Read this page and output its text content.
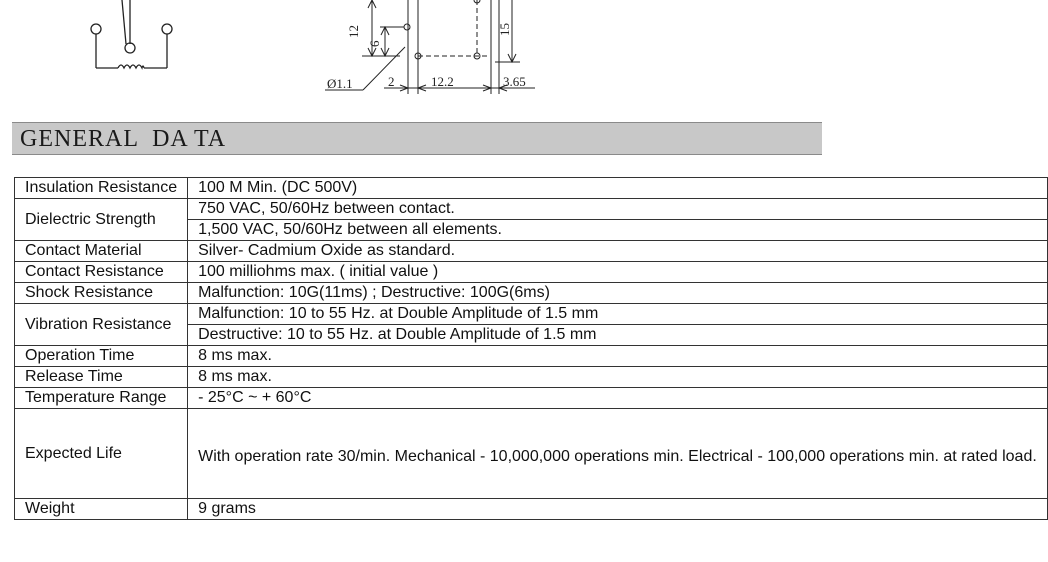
12
6
15
Ø1.1	2	12.2	3.65
GENERAL  DA TA
Insulation Resistance	100 M Min. (DC 500V)
Dielectric Strength	750 VAC, 50/60Hz between contact.
	1,500 VAC, 50/60Hz between all elements.
Contact Material	Silver- Cadmium Oxide as standard.
Contact Resistance	100 milliohms max. ( initial value )
Shock Resistance	Malfunction: 10G(11ms) ; Destructive: 100G(6ms)
Vibration Resistance	Malfunction: 10 to 55 Hz. at Double Amplitude of 1.5 mm
	Destructive: 10 to 55 Hz. at Double Amplitude of 1.5 mm
Operation Time	8 ms max.
Release Time	8 ms max.
Temperature Range	- 25°C ~ + 60°C
Expected Life	With operation rate 30/min. Mechanical - 10,000,000 operations min. Electrical - 100,000 operations min. at rated load.
Weight	9 grams
